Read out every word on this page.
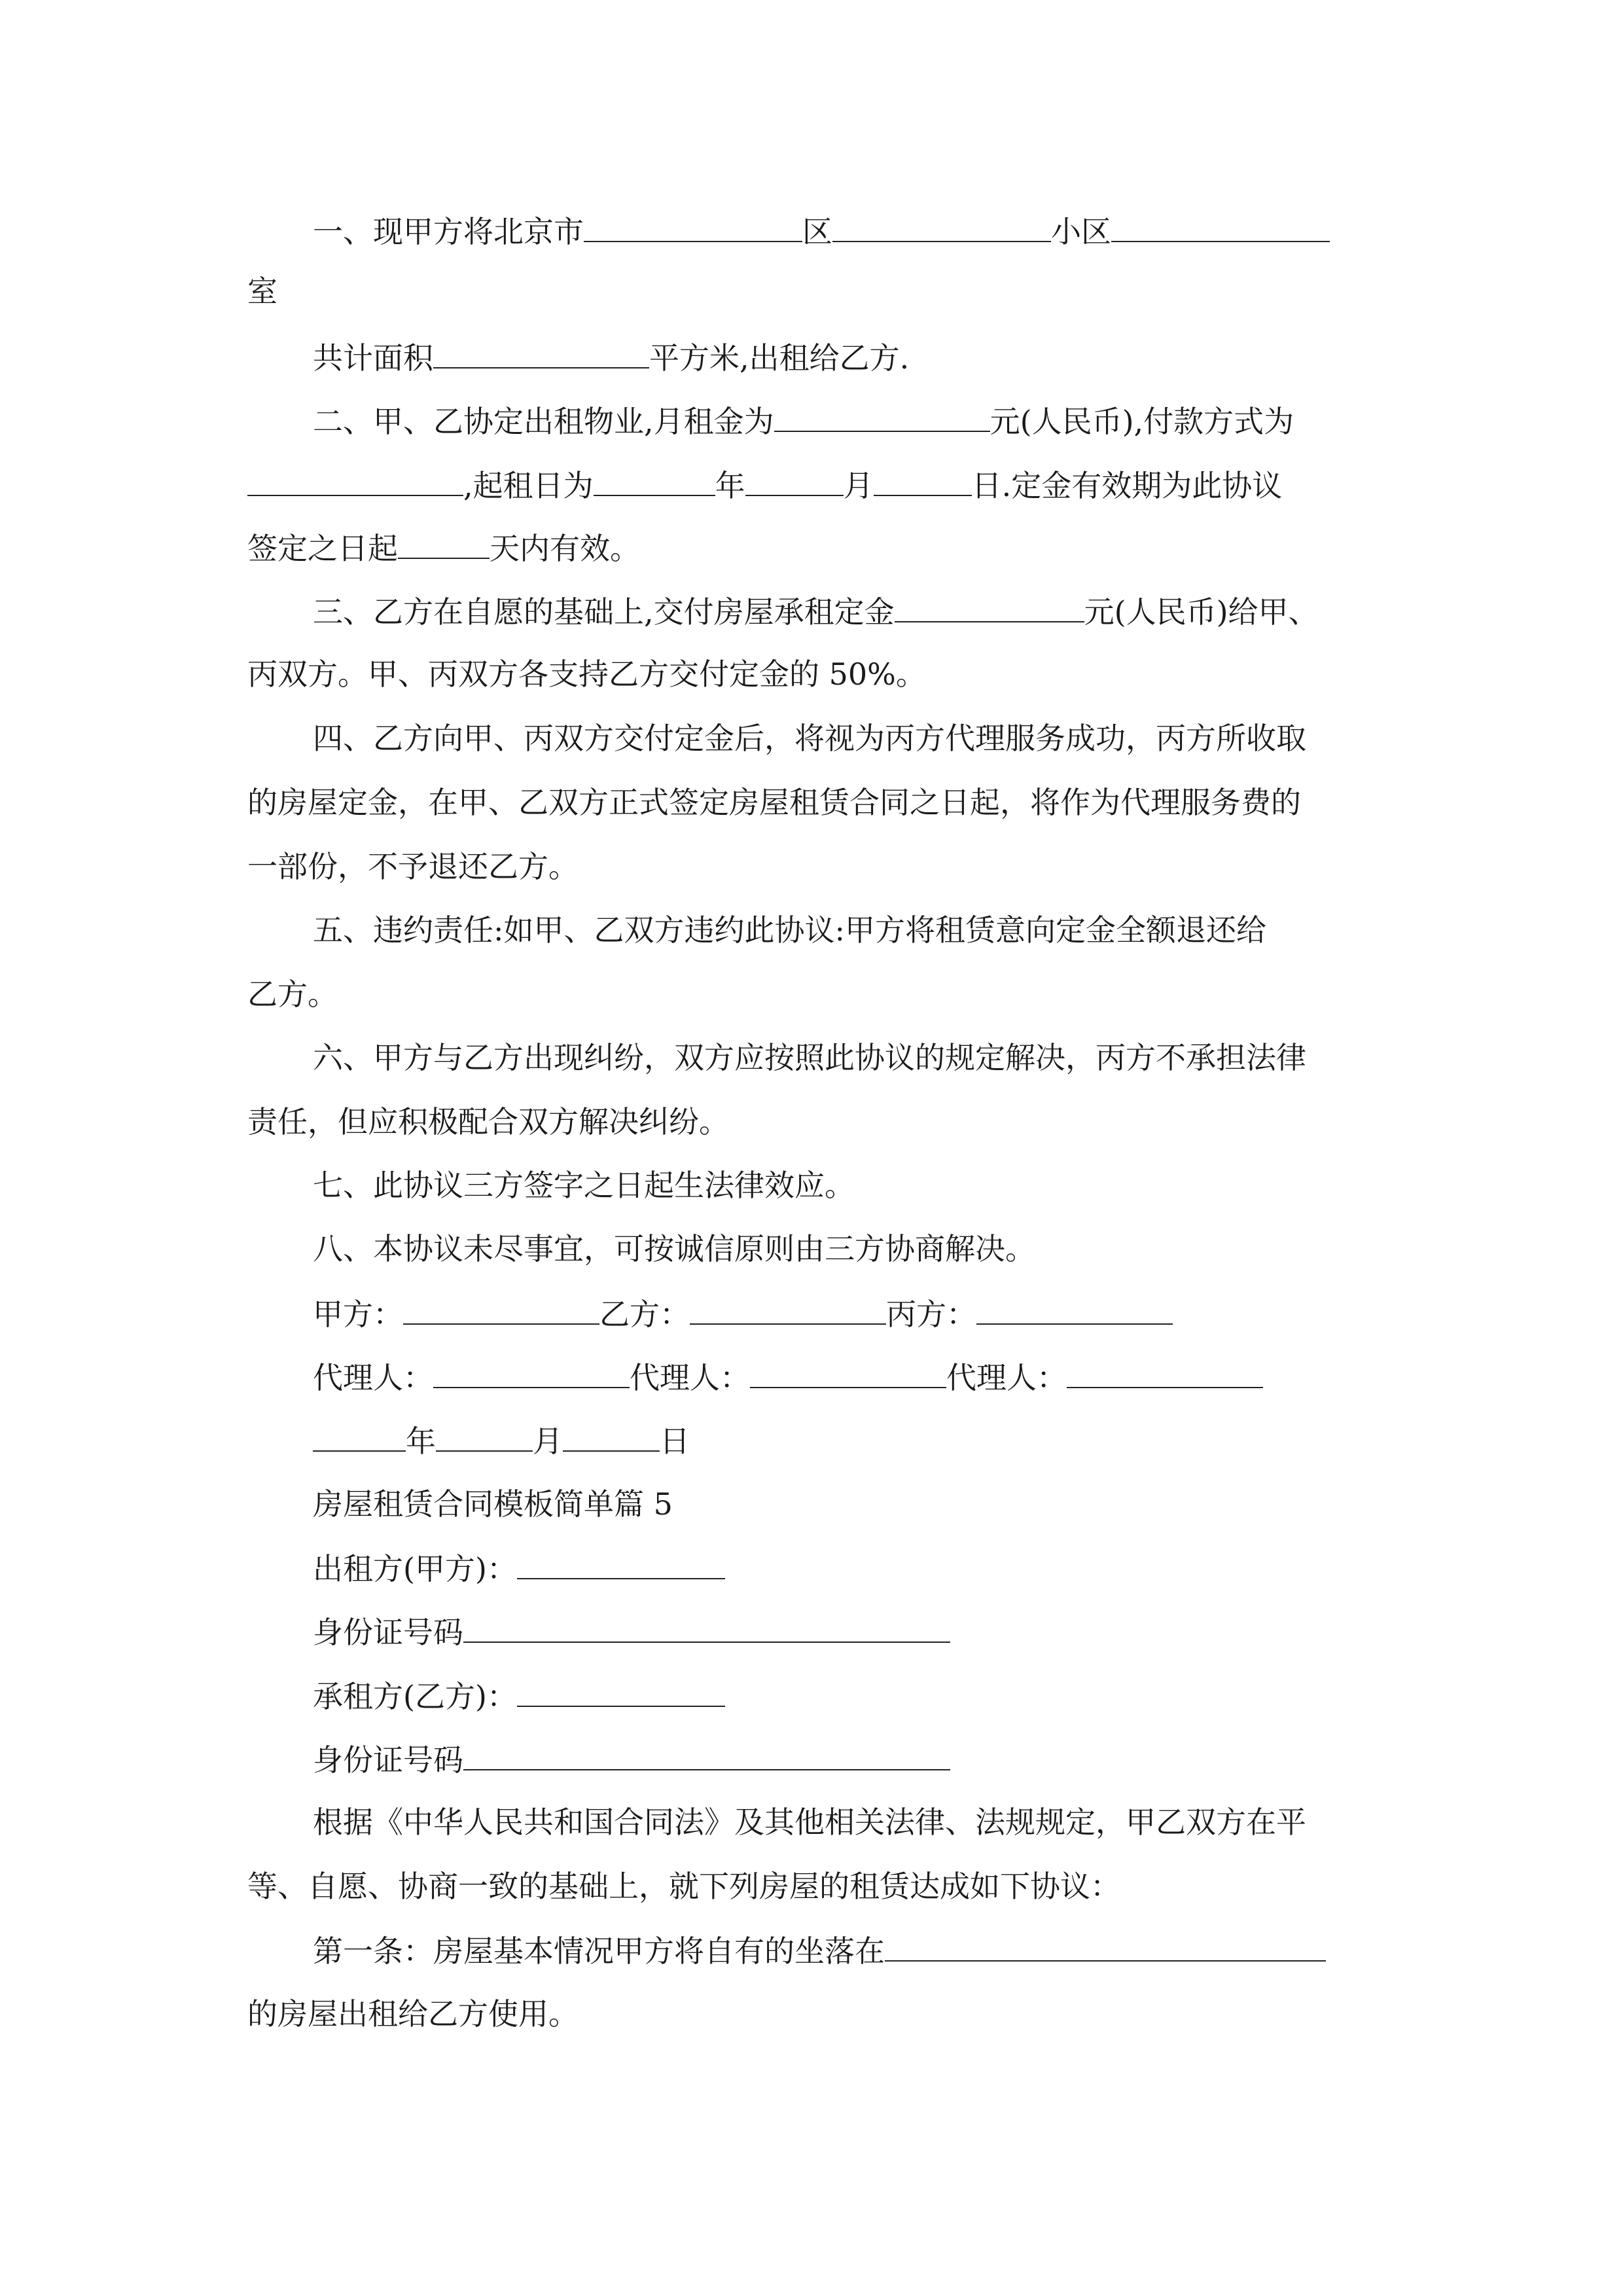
一、现甲方将北京市	区	小区
室
共计面积	平方米,出租给乙方.
二、甲、乙协定出租物业,月租金为	元(人民币),付款方式为
,起租日为	年	月	日.定金有效期为此协议
签定之日起	天内有效。
三、乙方在自愿的基础上,交付房屋承租定金	元(人民币)给甲、
丙双方。甲、丙双方各支持乙方交付定金的 50%。
四、乙方向甲、丙双方交付定金后，将视为丙方代理服务成功，丙方所收取
的房屋定金，在甲、乙双方正式签定房屋租赁合同之日起，将作为代理服务费的
一部份，不予退还乙方。
五、违约责任:如甲、乙双方违约此协议:甲方将租赁意向定金全额退还给
乙方。
六、甲方与乙方出现纠纷，双方应按照此协议的规定解决，丙方不承担法律
责任，但应积极配合双方解决纠纷。
七、此协议三方签字之日起生法律效应。
八、本协议未尽事宜，可按诚信原则由三方协商解决。
甲方：	乙方：	丙方：
代理人：	代理人：	代理人：
年	月	日
房屋租赁合同模板简单篇 5
出租方(甲方)：
身份证号码
承租方(乙方)：
身份证号码
根据《中华人民共和国合同法》及其他相关法律、法规规定，甲乙双方在平
等、自愿、协商一致的基础上，就下列房屋的租赁达成如下协议：
第一条：房屋基本情况甲方将自有的坐落在
的房屋出租给乙方使用。
